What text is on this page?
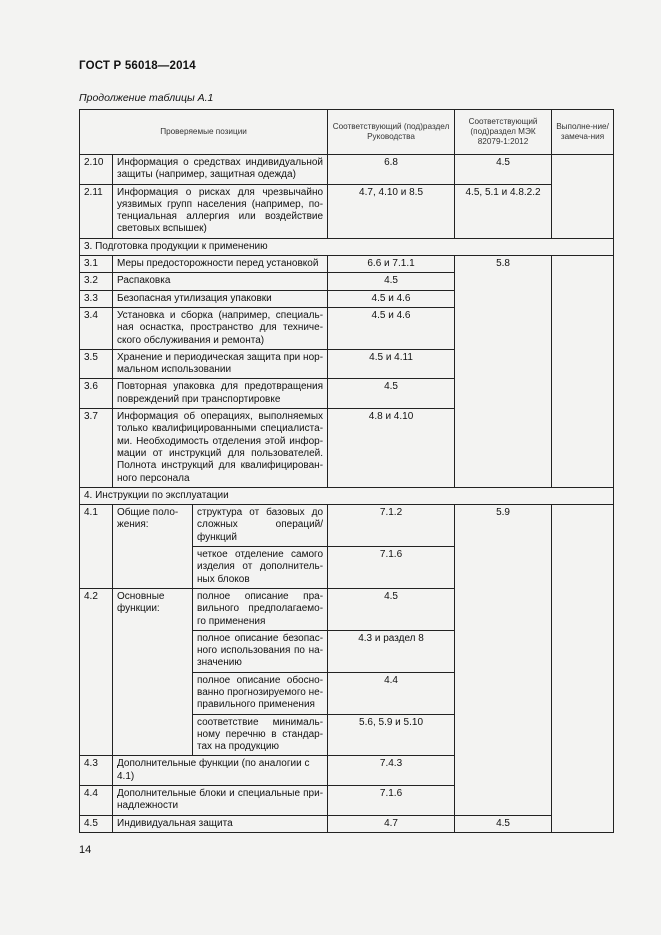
ГОСТ Р 56018—2014
Продолжение таблицы А.1
Проверяемые позиции			Соответствующий (под)раздел Руководства	Соответствующий (под)раздел МЭК 82079-1:2012	Выполне-ние/замеча-ния
2.10	Информация о средствах индивидуальной защиты (например, защитная одежда)		6.8	4.5	
2.11	Информация о рисках для чрезвычайно уязвимых групп населения (например, по-тенциальная аллергия или воздействие световых вспышек)		4.7, 4.10 и 8.5	4.5, 5.1 и 4.8.2.2	
3. Подготовка продукции к применению					
3.1	Меры предосторожности перед установкой		6.6 и 7.1.1	5.8	
3.2	Распаковка		4.5		
3.3	Безопасная утилизация упаковки		4.5 и 4.6		
3.4	Установка и сборка (например, специаль-ная оснастка, пространство для техниче-ского обслуживания и ремонта)		4.5 и 4.6		
3.5	Хранение и периодическая защита при нор-мальном использовании		4.5 и 4.11		
3.6	Повторная упаковка для предотвращения повреждений при транспортировке		4.5		
3.7	Информация об операциях, выполняемых только квалифицированными специалиста-ми. Необходимость отделения этой инфор-мации от инструкций для пользователей. Полнота инструкций для квалифицирован-ного персонала		4.8 и 4.10		
4. Инструкции по эксплуатации					
4.1	Общие поло-жения:	структура от базовых до сложных операций/функций	7.1.2	5.9	
		четкое отделение самого изделия от дополнитель-ных блоков	7.1.6		
4.2	Основные функции:	полное описание пра-вильного предполагаемо-го применения	4.5		
		полное описание безопас-ного использования по на-значению	4.3 и раздел 8		
		полное описание обосно-ванно прогнозируемого не-правильного применения	4.4		
		соответствие минималь-ному перечню в стандар-тах на продукцию	5.6, 5.9 и 5.10		
4.3	Дополнительные функции (по аналогии с 4.1)		7.4.3		
4.4	Дополнительные блоки и специальные при-надлежности		7.1.6		
4.5	Индивидуальная защита		4.7	4.5	
14
